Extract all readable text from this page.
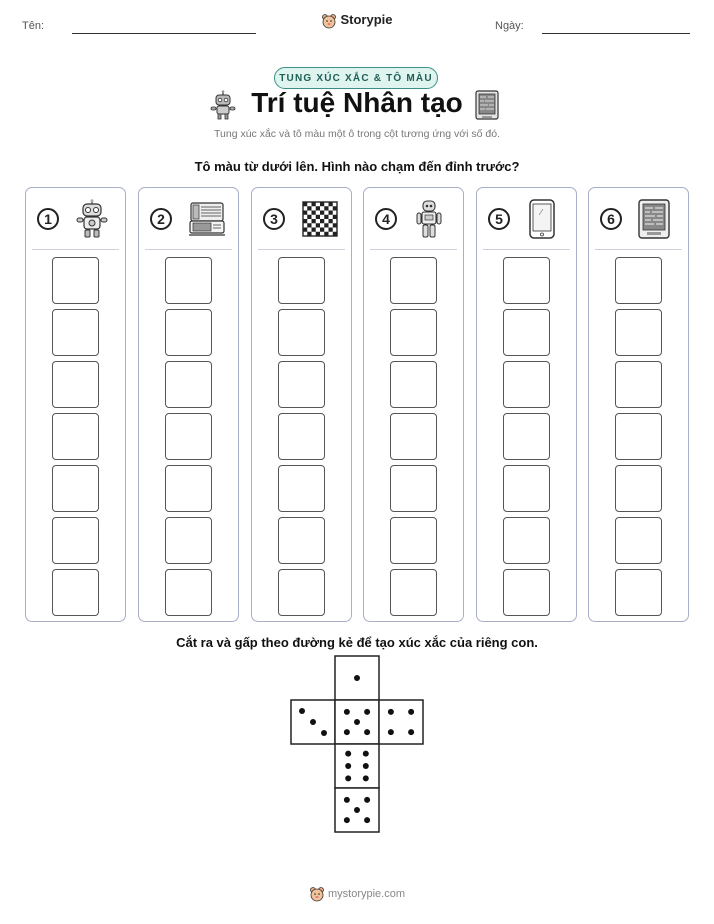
Tên:	Storypie	Ngày:
TUNG XÚC XẮC & TÔ MÀU
Trí tuệ Nhân tạo
Tung xúc xắc và tô màu một ô trong cột tương ứng với số đó.
Tô màu từ dưới lên. Hình nào chạm đến đỉnh trước?
1	2	3	4	5	6
Cắt ra và gấp theo đường kẻ để tạo xúc xắc của riêng con.
mystorypie.com
